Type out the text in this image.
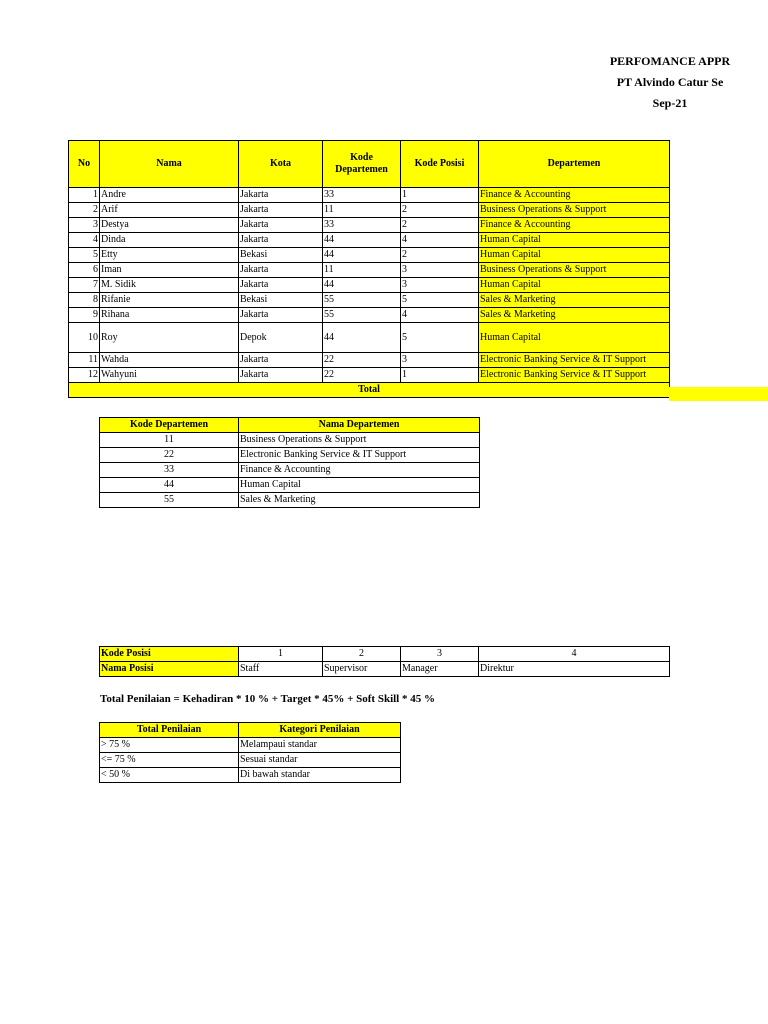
PERFOMANCE APPR
PT Alvindo Catur Se
Sep-21
No	Nama	Kota	Kode Departemen	Kode Posisi	Departemen
1	Andre	Jakarta	33	1	Finance & Accounting
2	Arif	Jakarta	11	2	Business Operations & Support
3	Destya	Jakarta	33	2	Finance & Accounting
4	Dinda	Jakarta	44	4	Human Capital
5	Etty	Bekasi	44	2	Human Capital
6	Iman	Jakarta	11	3	Business Operations & Support
7	M. Sidik	Jakarta	44	3	Human Capital
8	Rifanie	Bekasi	55	5	Sales & Marketing
9	Rihana	Jakarta	55	4	Sales & Marketing
10	Roy	Depok	44	5	Human Capital
11	Wahda	Jakarta	22	3	Electronic Banking Service & IT Support
12	Wahyuni	Jakarta	22	1	Electronic Banking Service & IT Support
Total					
Kode Departemen	Nama Departemen
11	Business Operations & Support
22	Electronic Banking Service & IT Support
33	Finance & Accounting
44	Human Capital
55	Sales & Marketing
Kode Posisi	1	2	3	4
Nama Posisi	Staff	Supervisor	Manager	Direktur
Total Penilaian = Kehadiran * 10 % + Target * 45% + Soft Skill * 45 %
Total Penilaian	Kategori Penilaian
> 75 %	Melampaui standar
<= 75 %	Sesuai standar
< 50 %	Di bawah standar
